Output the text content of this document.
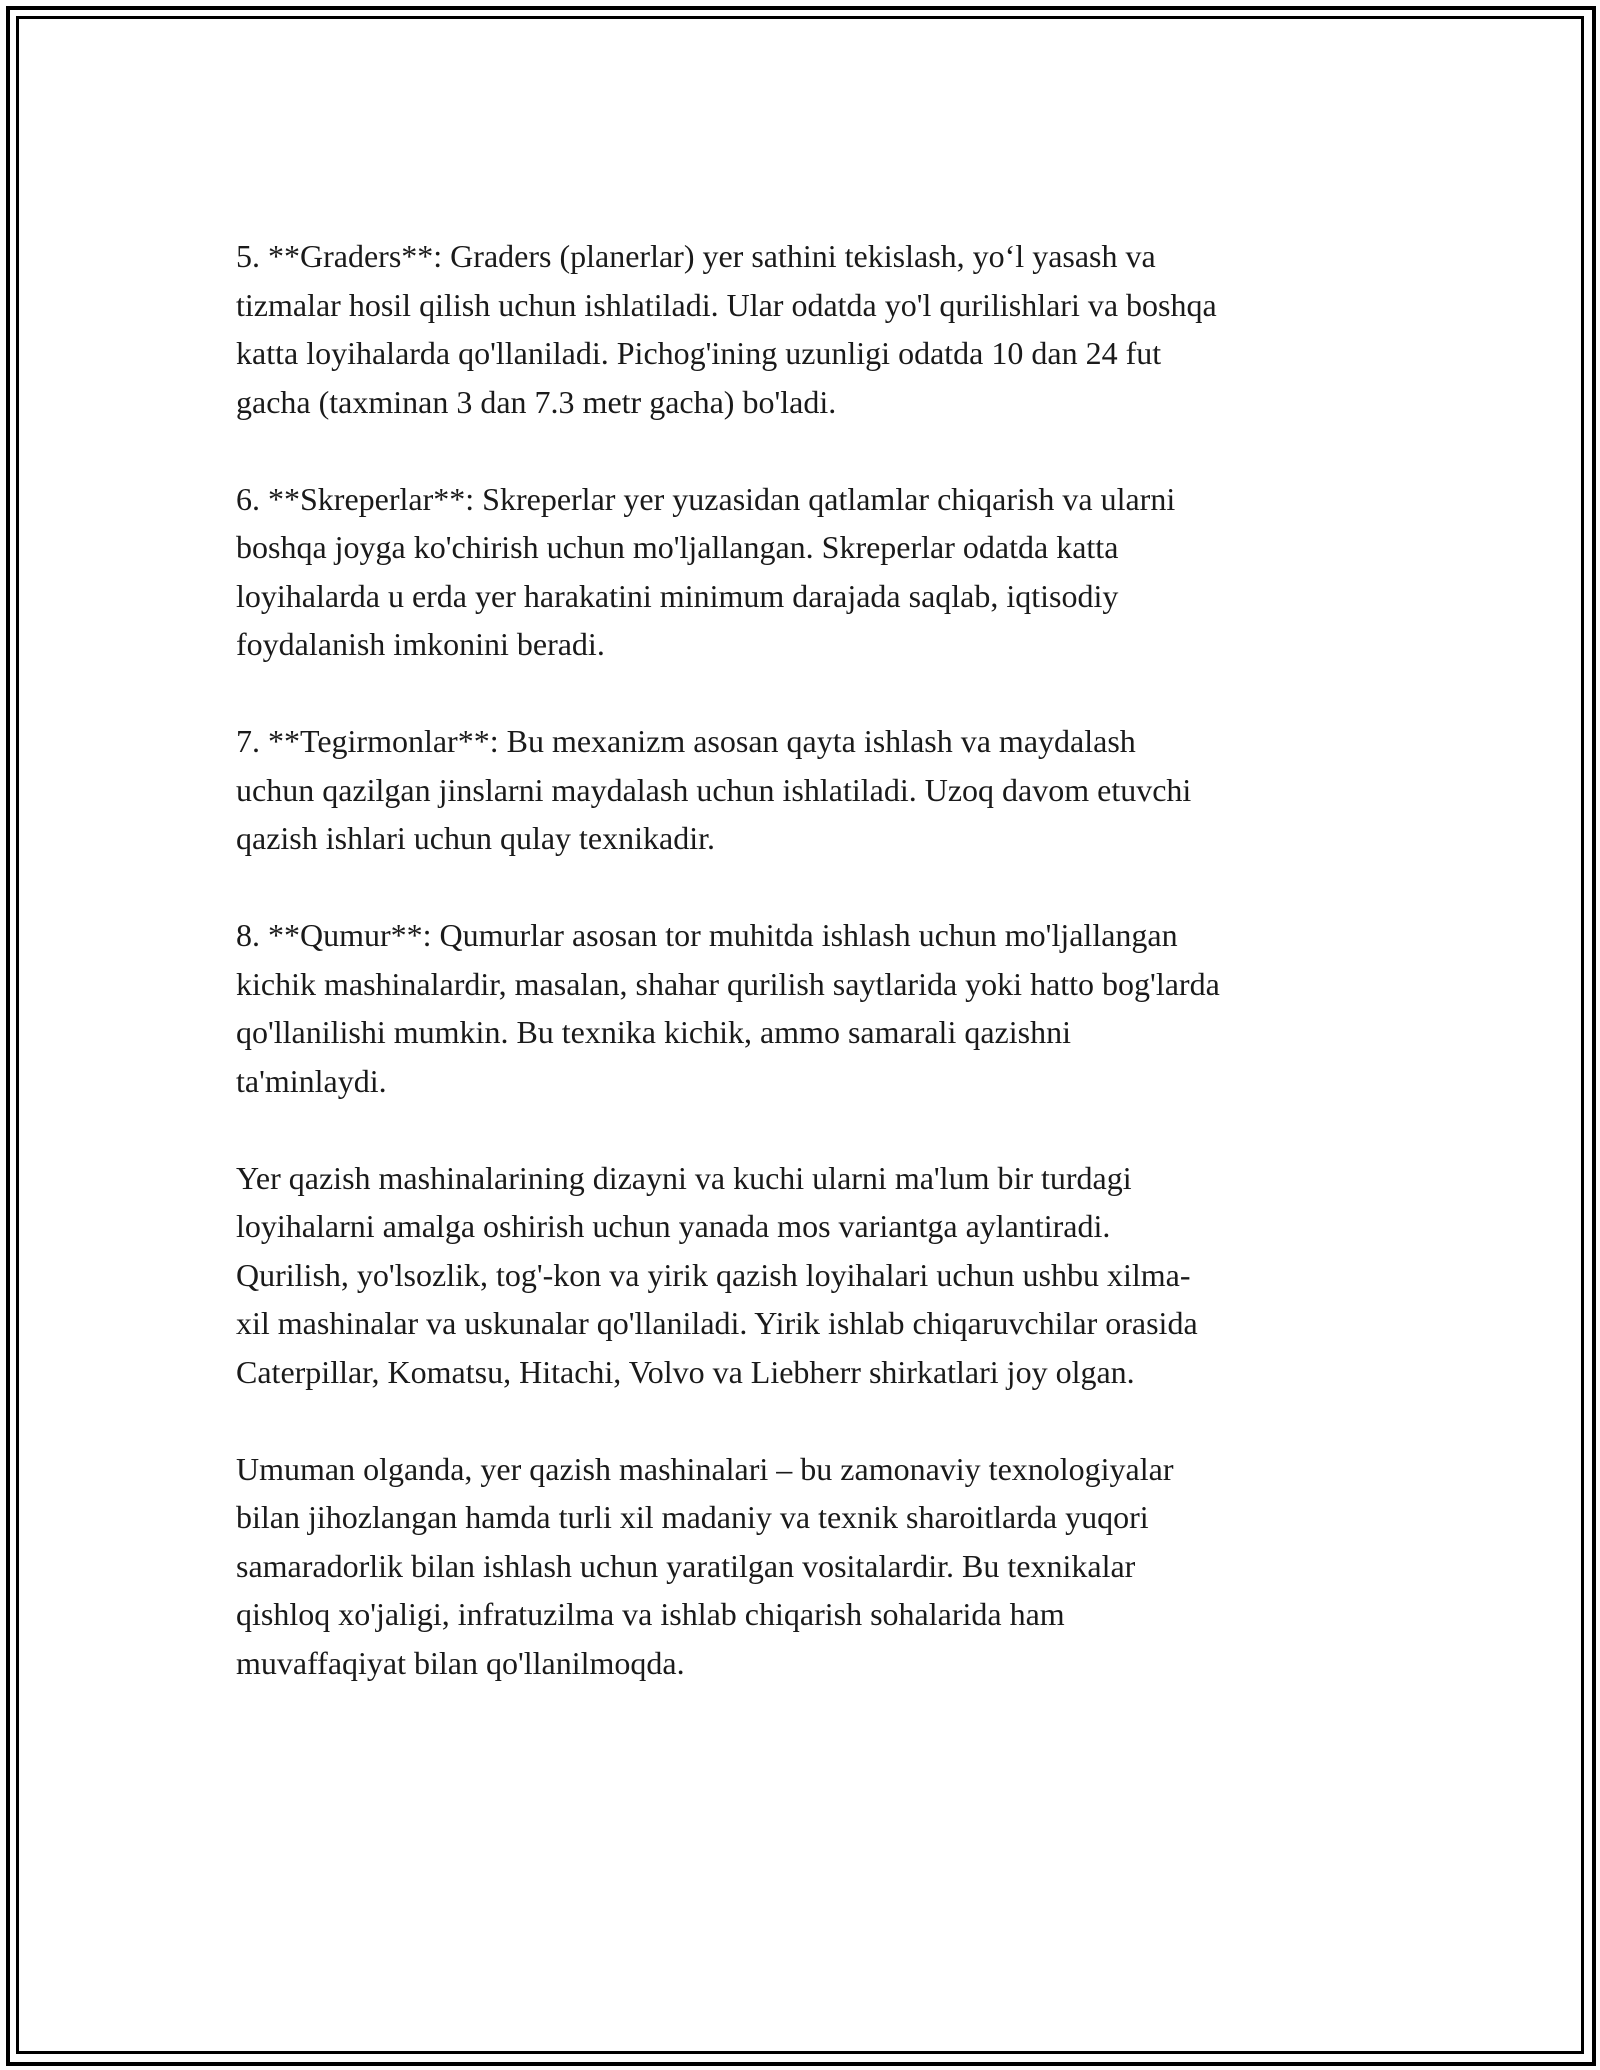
5. **Graders**: Graders (planerlar) yer sathini tekislash, yo‘l yasash va
tizmalar hosil qilish uchun ishlatiladi. Ular odatda yo'l qurilishlari va boshqa
katta loyihalarda qo'llaniladi. Pichog'ining uzunligi odatda 10 dan 24 fut
gacha (taxminan 3 dan 7.3 metr gacha) bo'ladi.

6. **Skreperlar**: Skreperlar yer yuzasidan qatlamlar chiqarish va ularni
boshqa joyga ko'chirish uchun mo'ljallangan. Skreperlar odatda katta
loyihalarda u erda yer harakatini minimum darajada saqlab, iqtisodiy
foydalanish imkonini beradi.

7. **Tegirmonlar**: Bu mexanizm asosan qayta ishlash va maydalash
uchun qazilgan jinslarni maydalash uchun ishlatiladi. Uzoq davom etuvchi
qazish ishlari uchun qulay texnikadir.

8. **Qumur**: Qumurlar asosan tor muhitda ishlash uchun mo'ljallangan
kichik mashinalardir, masalan, shahar qurilish saytlarida yoki hatto bog'larda
qo'llanilishi mumkin. Bu texnika kichik, ammo samarali qazishni
ta'minlaydi.

Yer qazish mashinalarining dizayni va kuchi ularni ma'lum bir turdagi
loyihalarni amalga oshirish uchun yanada mos variantga aylantiradi.
Qurilish, yo'lsozlik, tog'-kon va yirik qazish loyihalari uchun ushbu xilma-
xil mashinalar va uskunalar qo'llaniladi. Yirik ishlab chiqaruvchilar orasida
Caterpillar, Komatsu, Hitachi, Volvo va Liebherr shirkatlari joy olgan.

Umuman olganda, yer qazish mashinalari – bu zamonaviy texnologiyalar
bilan jihozlangan hamda turli xil madaniy va texnik sharoitlarda yuqori
samaradorlik bilan ishlash uchun yaratilgan vositalardir. Bu texnikalar
qishloq xo'jaligi, infratuzilma va ishlab chiqarish sohalarida ham
muvaffaqiyat bilan qo'llanilmoqda.
